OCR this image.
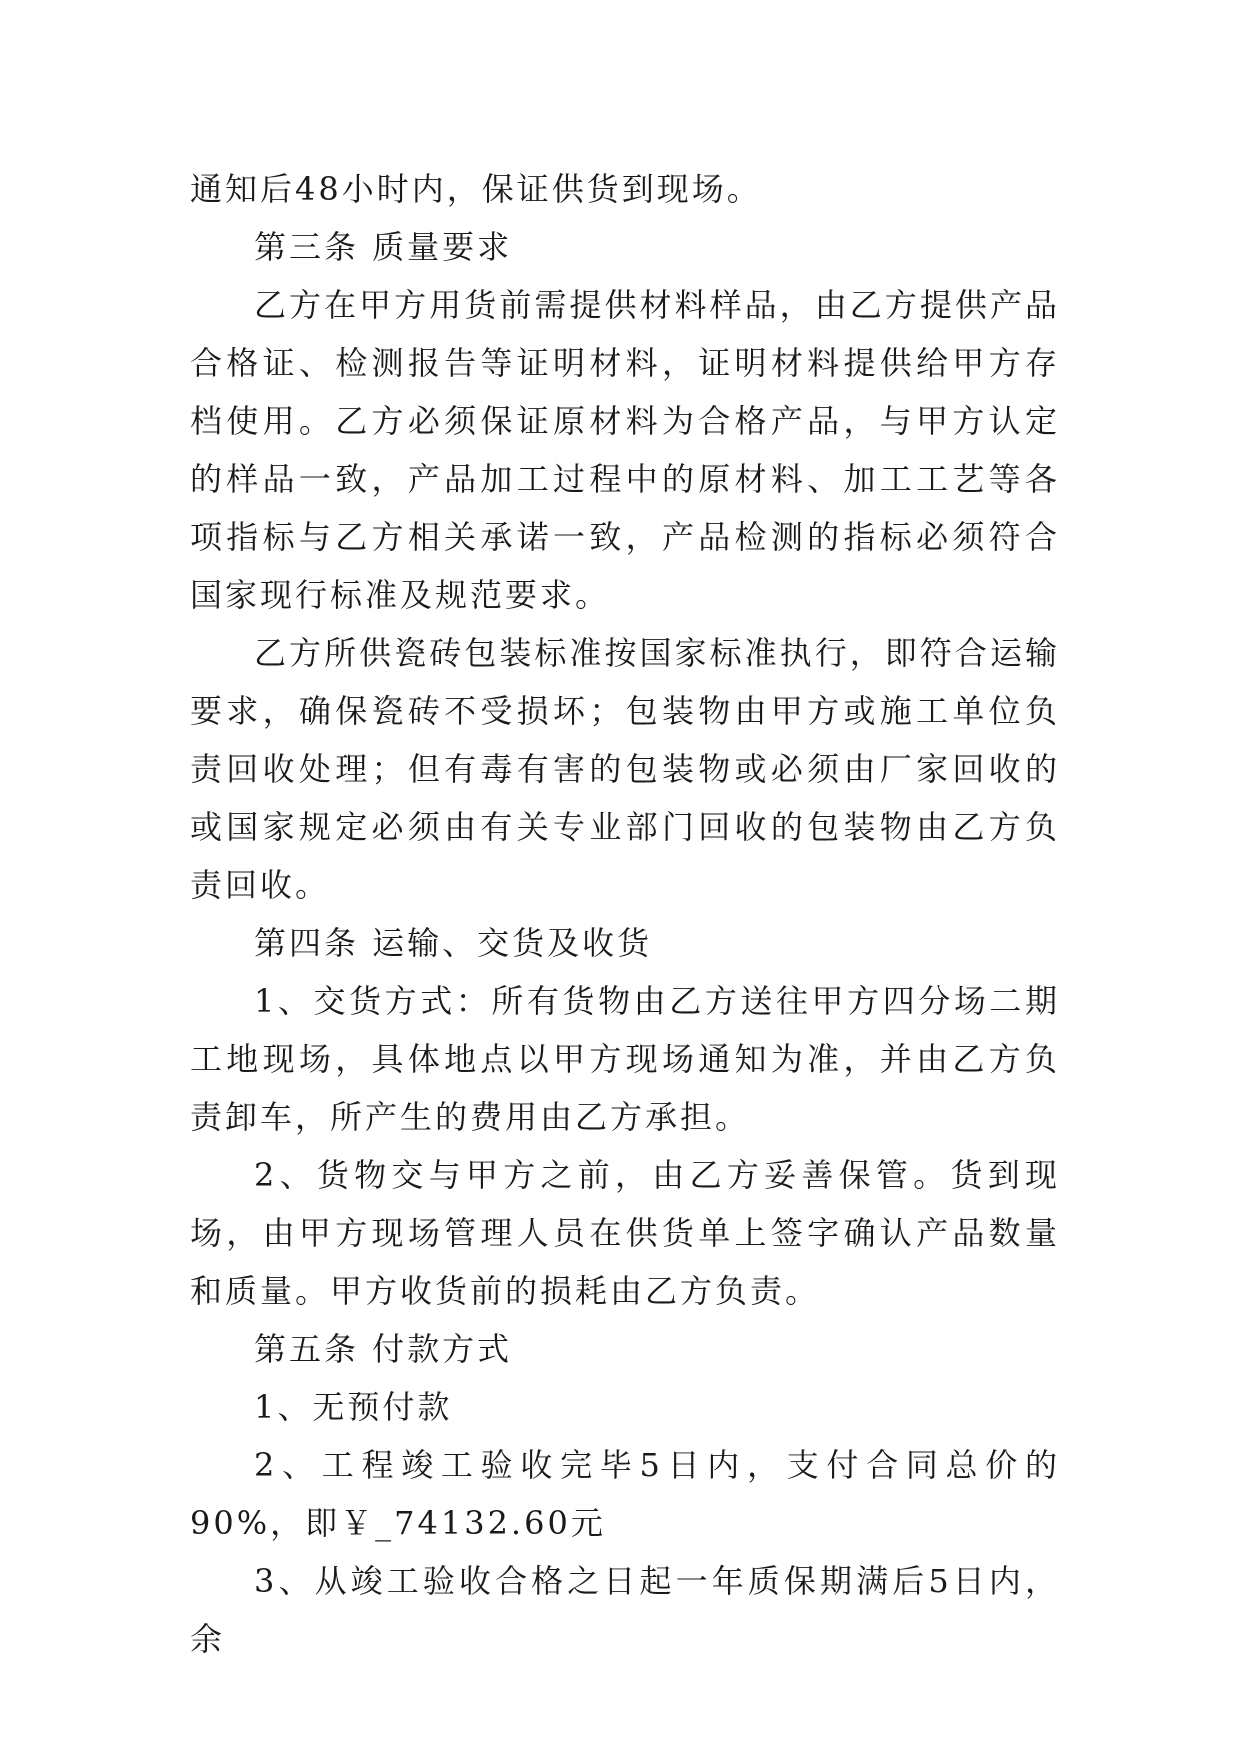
通知后48小时内，保证供货到现场。

第三条 质量要求

乙方在甲方用货前需提供材料样品，由乙方提供产品合格证、检测报告等证明材料，证明材料提供给甲方存档使用。乙方必须保证原材料为合格产品，与甲方认定的样品一致，产品加工过程中的原材料、加工工艺等各项指标与乙方相关承诺一致，产品检测的指标必须符合国家现行标准及规范要求。

乙方所供瓷砖包装标准按国家标准执行，即符合运输要求，确保瓷砖不受损坏；包装物由甲方或施工单位负责回收处理；但有毒有害的包装物或必须由厂家回收的或国家规定必须由有关专业部门回收的包装物由乙方负责回收。

第四条 运输、交货及收货

1、交货方式：所有货物由乙方送往甲方四分场二期工地现场，具体地点以甲方现场通知为准，并由乙方负责卸车，所产生的费用由乙方承担。

2、货物交与甲方之前，由乙方妥善保管。货到现场，由甲方现场管理人员在供货单上签字确认产品数量和质量。甲方收货前的损耗由乙方负责。

第五条 付款方式

1、无预付款

2、工程竣工验收完毕5日内，支付合同总价的90%，即￥_74132.60元

3、从竣工验收合格之日起一年质保期满后5日内，余
